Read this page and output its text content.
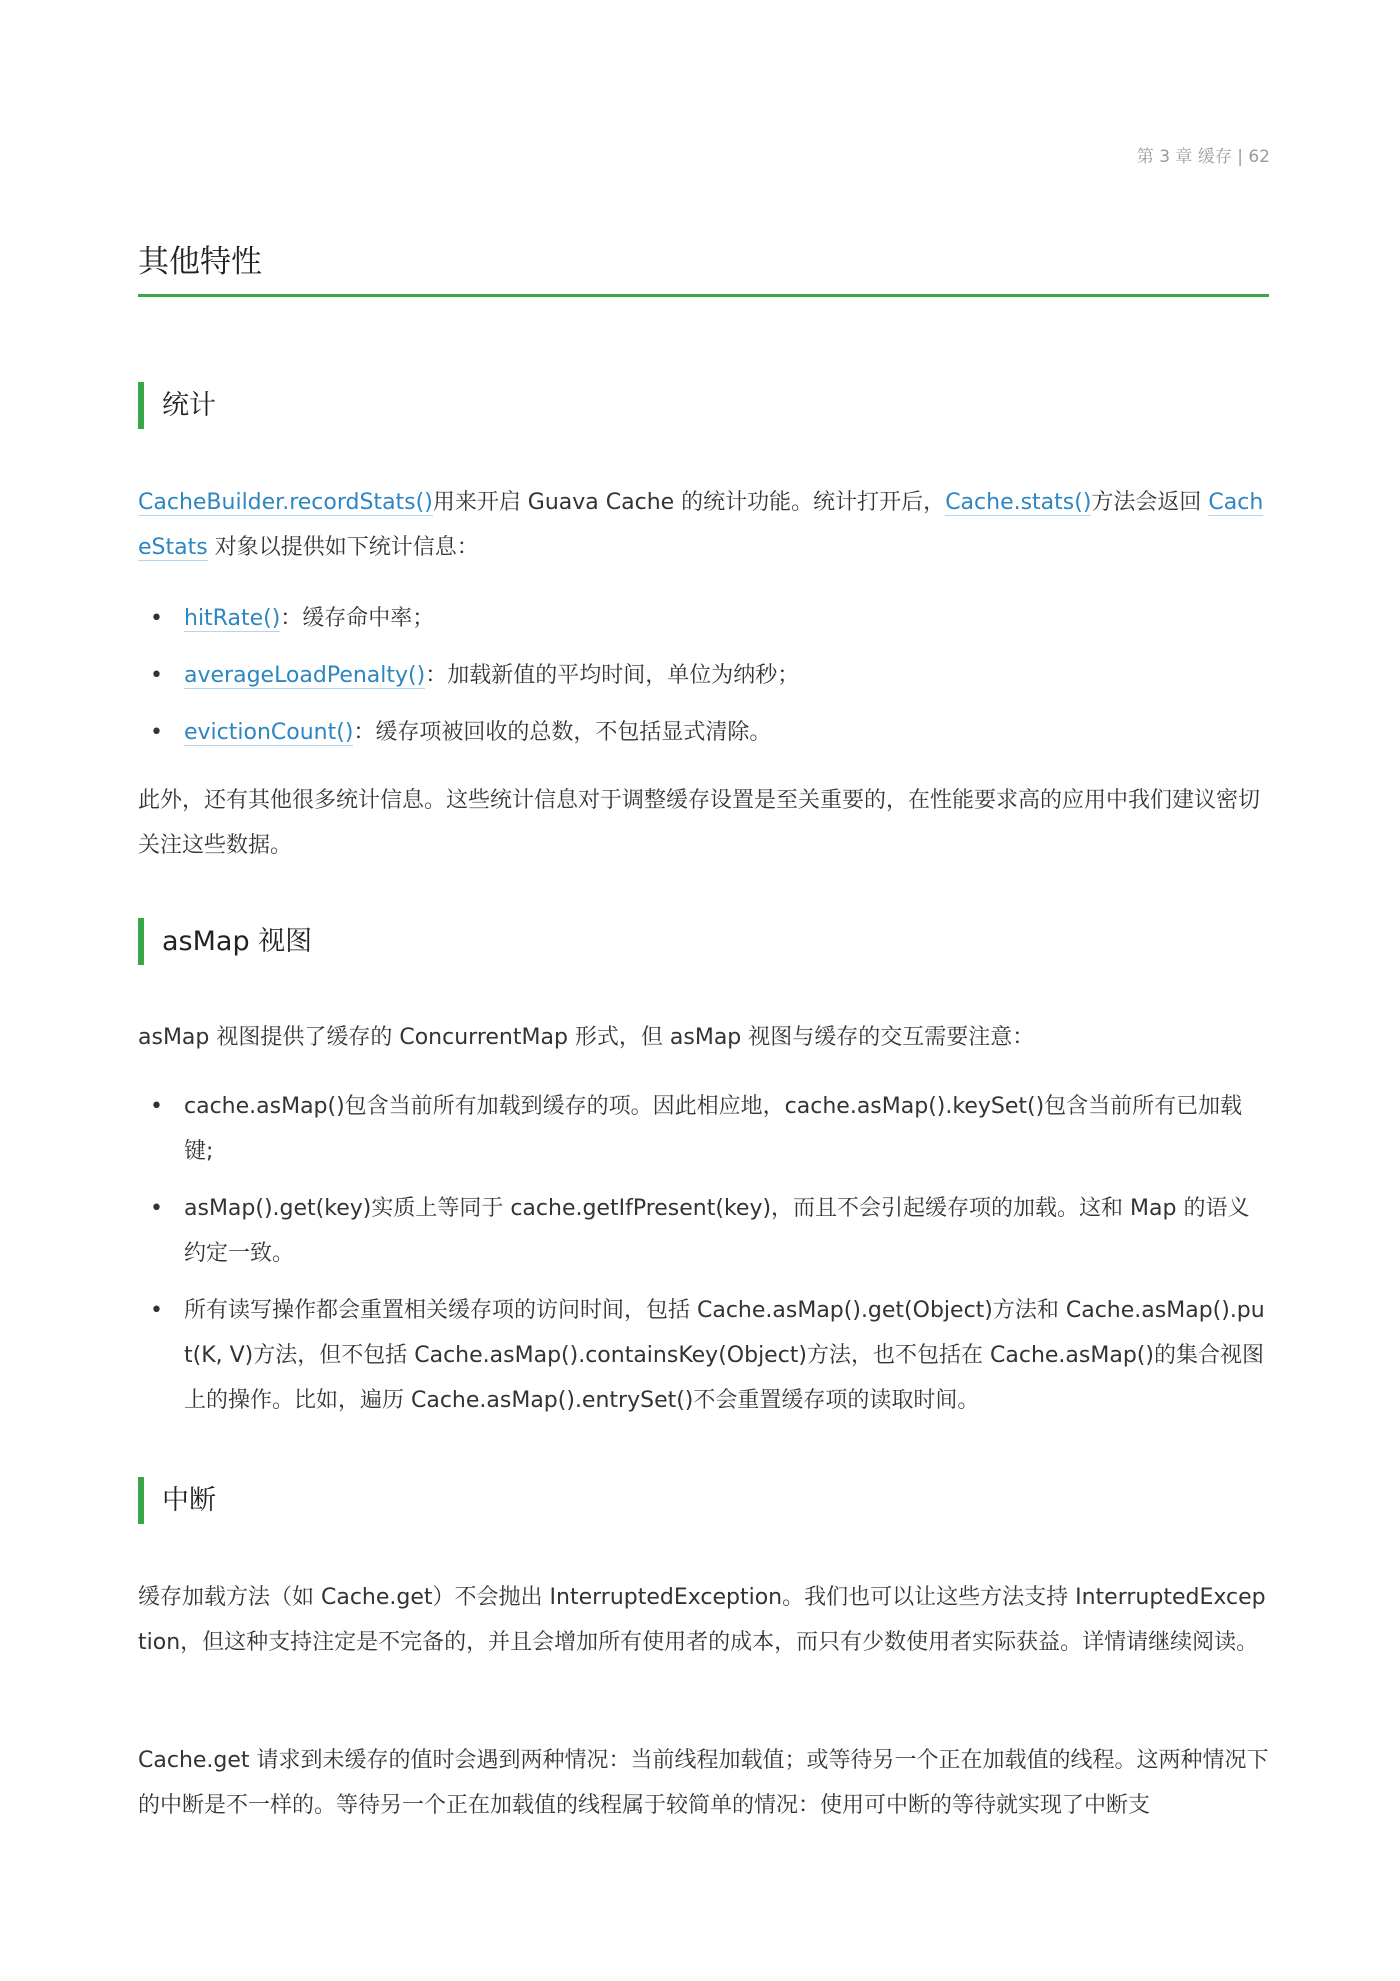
第 3 章 缓存 | 62
其他特性
统计

CacheBuilder.recordStats()用来开启 Guava Cache 的统计功能。统计打开后，Cache.stats()方法会返回 CacheStats 对象以提供如下统计信息：

• hitRate()：缓存命中率；
• averageLoadPenalty()：加载新值的平均时间，单位为纳秒；
• evictionCount()：缓存项被回收的总数，不包括显式清除。

此外，还有其他很多统计信息。这些统计信息对于调整缓存设置是至关重要的，在性能要求高的应用中我们建议密切关注这些数据。

asMap 视图

asMap 视图提供了缓存的 ConcurrentMap 形式，但 asMap 视图与缓存的交互需要注意：

• cache.asMap()包含当前所有加载到缓存的项。因此相应地，cache.asMap().keySet()包含当前所有已加载键;
• asMap().get(key)实质上等同于 cache.getIfPresent(key)，而且不会引起缓存项的加载。这和 Map 的语义约定一致。
• 所有读写操作都会重置相关缓存项的访问时间，包括 Cache.asMap().get(Object)方法和 Cache.asMap().put(K, V)方法，但不包括 Cache.asMap().containsKey(Object)方法，也不包括在 Cache.asMap()的集合视图上的操作。比如，遍历 Cache.asMap().entrySet()不会重置缓存项的读取时间。
中断

缓存加载方法（如 Cache.get）不会抛出 InterruptedException。我们也可以让这些方法支持 InterruptedException，但这种支持注定是不完备的，并且会增加所有使用者的成本，而只有少数使用者实际获益。详情请继续阅读。

Cache.get 请求到未缓存的值时会遇到两种情况：当前线程加载值；或等待另一个正在加载值的线程。这两种情况下的中断是不一样的。等待另一个正在加载值的线程属于较简单的情况：使用可中断的等待就实现了中断支
